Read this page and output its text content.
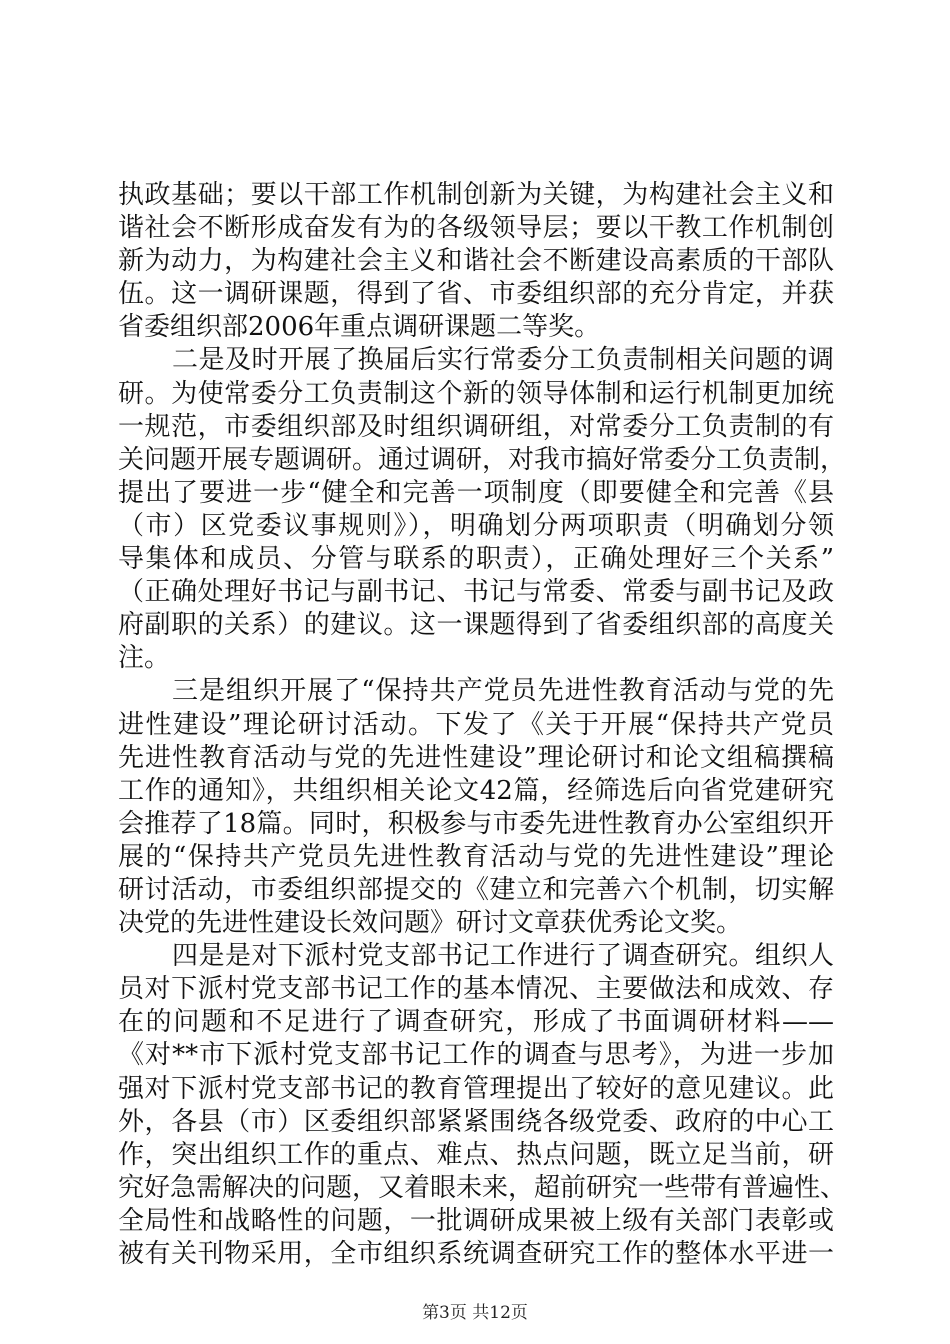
执政基础；要以干部工作机制创新为关键，为构建社会主义和
谐社会不断形成奋发有为的各级领导层；要以干教工作机制创
新为动力，为构建社会主义和谐社会不断建设高素质的干部队
伍。这一调研课题，得到了省、市委组织部的充分肯定，并获
省委组织部2006年重点调研课题二等奖。
二是及时开展了换届后实行常委分工负责制相关问题的调
研。为使常委分工负责制这个新的领导体制和运行机制更加统
一规范，市委组织部及时组织调研组，对常委分工负责制的有
关问题开展专题调研。通过调研，对我市搞好常委分工负责制，
提出了要进一步“健全和完善一项制度（即要健全和完善《县
（市）区党委议事规则》），明确划分两项职责（明确划分领
导集体和成员、分管与联系的职责），正确处理好三个关系”
（正确处理好书记与副书记、书记与常委、常委与副书记及政
府副职的关系）的建议。这一课题得到了省委组织部的高度关
注。
三是组织开展了“保持共产党员先进性教育活动与党的先
进性建设”理论研讨活动。下发了《关于开展“保持共产党员
先进性教育活动与党的先进性建设”理论研讨和论文组稿撰稿
工作的通知》，共组织相关论文42篇，经筛选后向省党建研究
会推荐了18篇。同时，积极参与市委先进性教育办公室组织开
展的“保持共产党员先进性教育活动与党的先进性建设”理论
研讨活动，市委组织部提交的《建立和完善六个机制，切实解
决党的先进性建设长效问题》研讨文章获优秀论文奖。
四是是对下派村党支部书记工作进行了调查研究。组织人
员对下派村党支部书记工作的基本情况、主要做法和成效、存
在的问题和不足进行了调查研究，形成了书面调研材料——
《对**市下派村党支部书记工作的调查与思考》，为进一步加
强对下派村党支部书记的教育管理提出了较好的意见建议。此
外，各县（市）区委组织部紧紧围绕各级党委、政府的中心工
作，突出组织工作的重点、难点、热点问题，既立足当前，研
究好急需解决的问题，又着眼未来，超前研究一些带有普遍性、
全局性和战略性的问题，一批调研成果被上级有关部门表彰或
被有关刊物采用，全市组织系统调查研究工作的整体水平进一
第3页 共12页
